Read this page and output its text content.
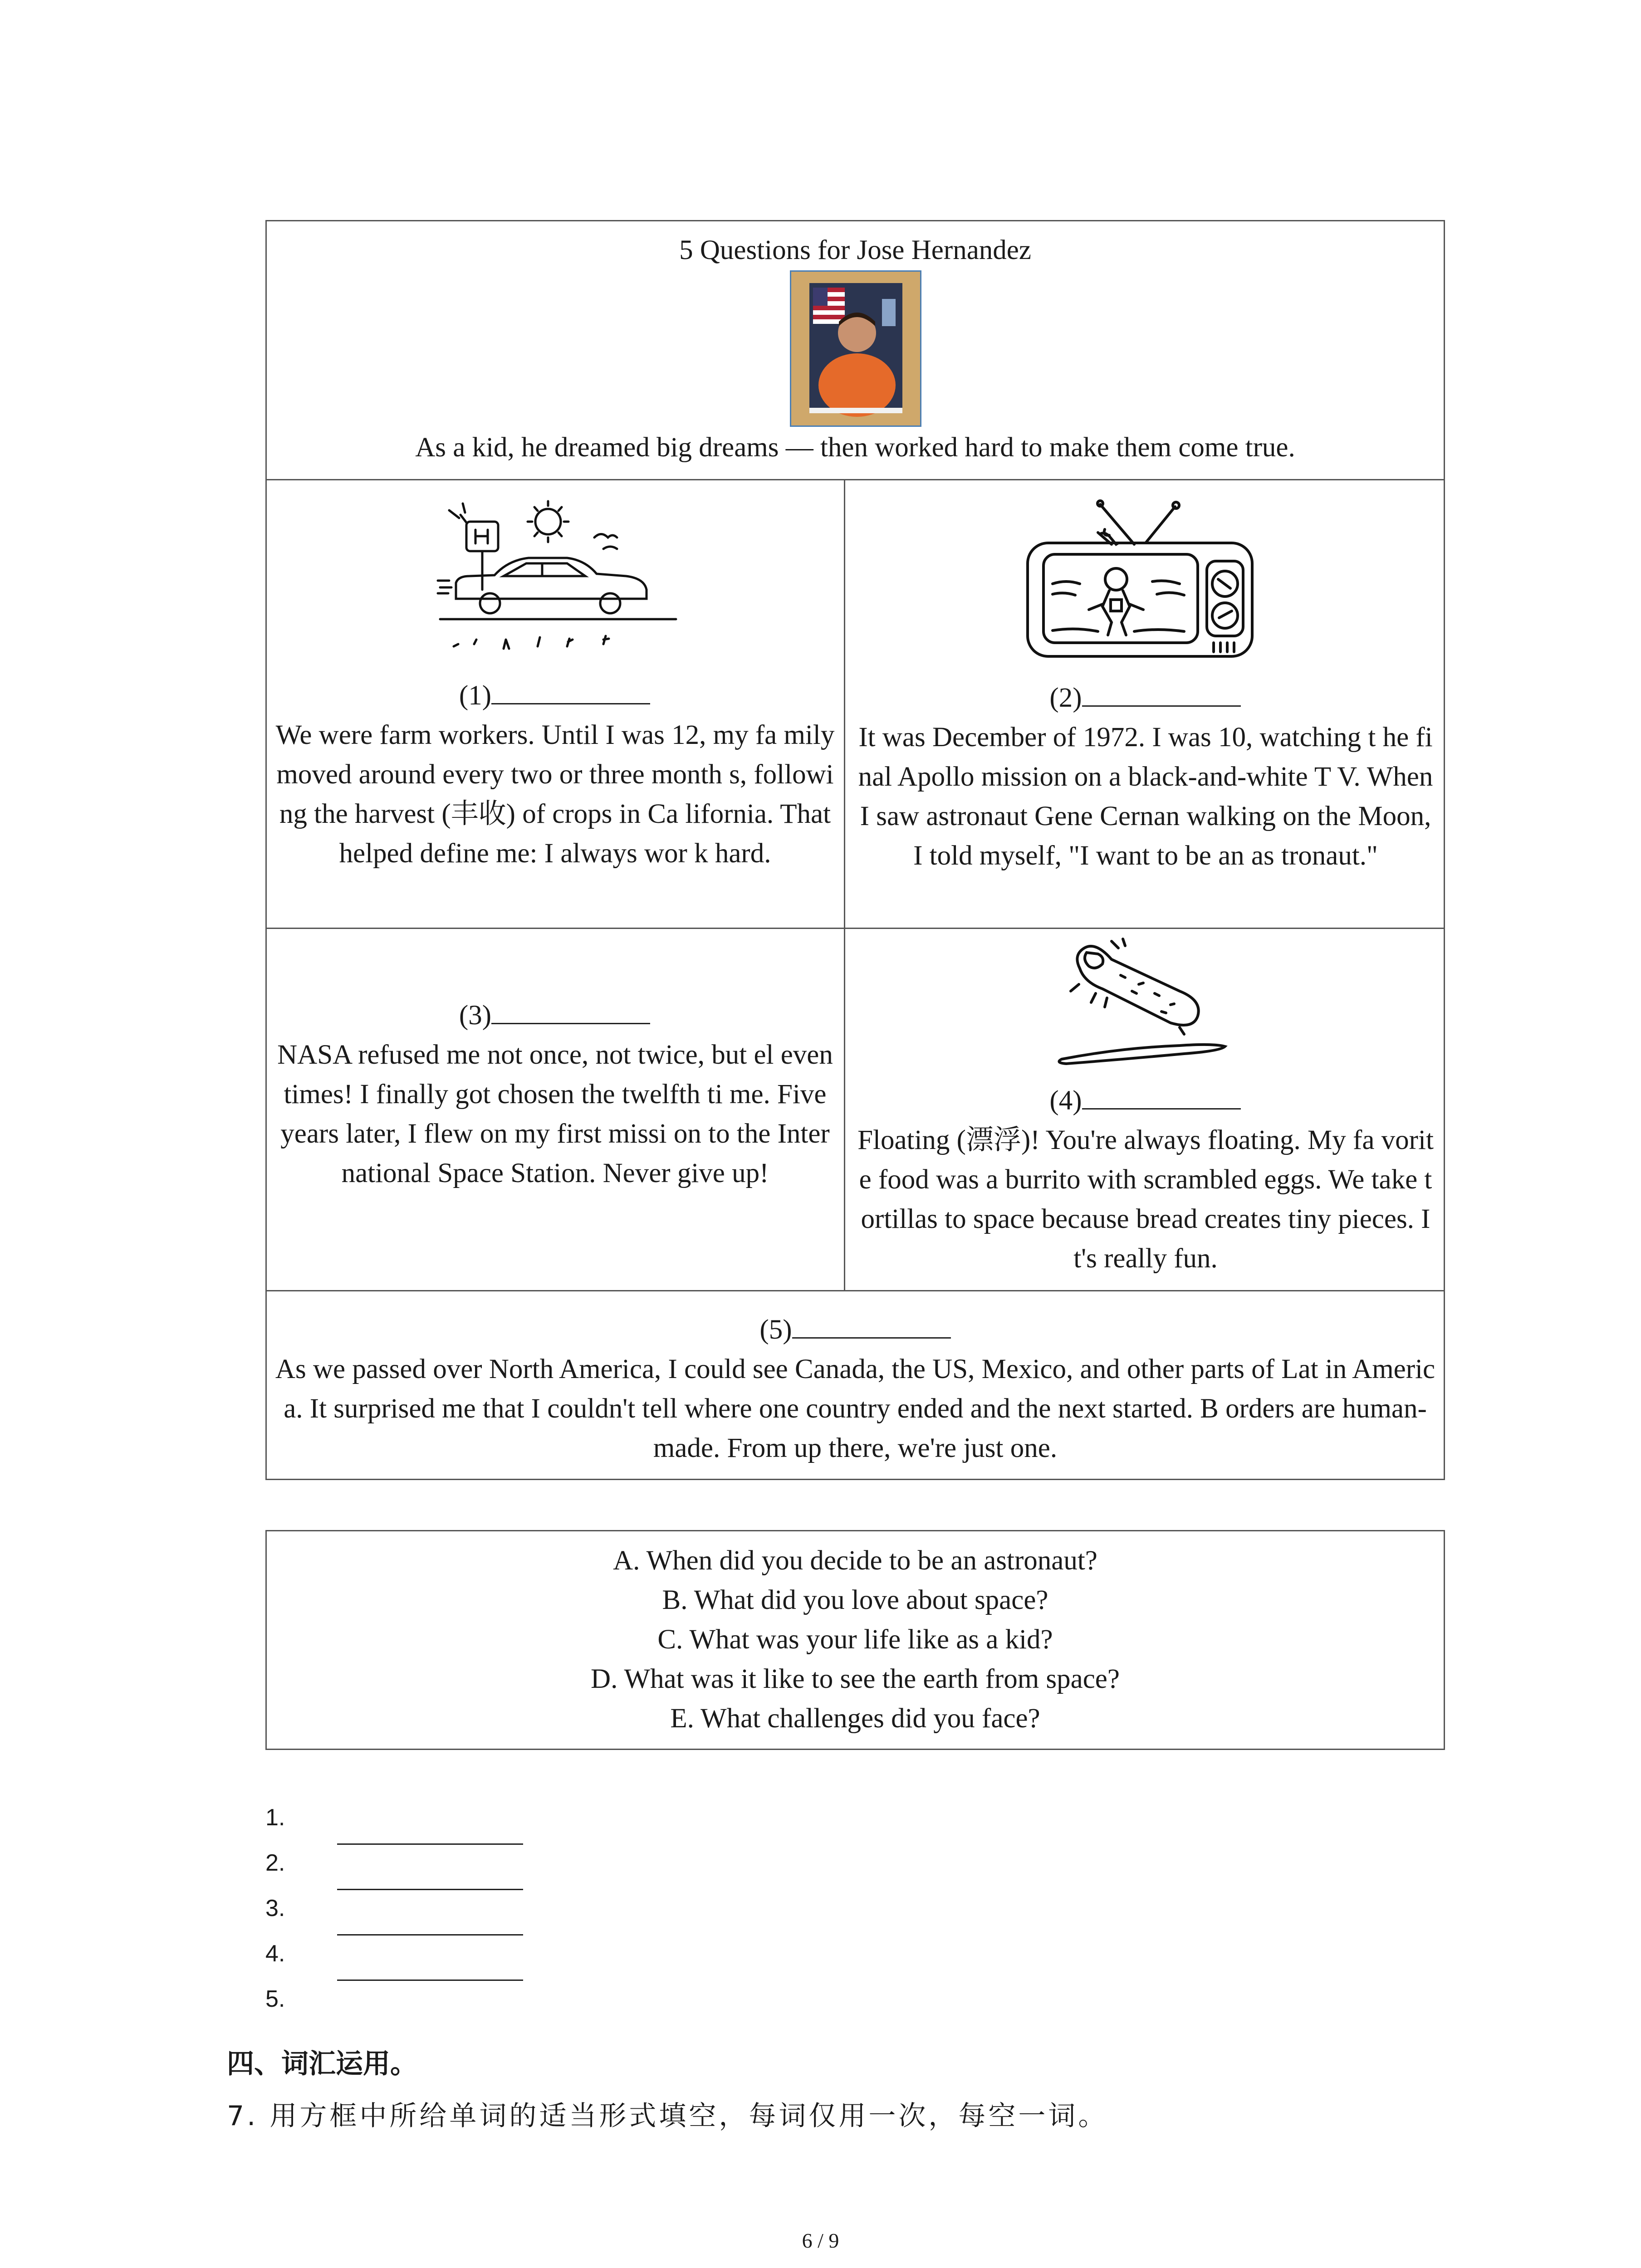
5 Questions for Jose Hernandez
As a kid, he dreamed big dreams — then worked hard to make them come true.
(1)
We were farm workers. Until I was 12, my fa mily moved around every two or three month s, following the harvest (丰收) of crops in Ca lifornia. That helped define me: I always wor k hard.
(2)
It was December of 1972. I was 10, watching t he final Apollo mission on a black-and-white T V. When I saw astronaut Gene Cernan walking on the Moon, I told myself, "I want to be an as tronaut."
(3)
NASA refused me not once, not twice, but el even times! I finally got chosen the twelfth ti me. Five years later, I flew on my first missi on to the International Space Station. Never give up!
(4)
Floating (漂浮)! You're always floating. My fa vorite food was a burrito with scrambled eggs. We take tortillas to space because bread creates tiny pieces. It's really fun.
(5)
As we passed over North America, I could see Canada, the US, Mexico, and other parts of Lat in America. It surprised me that I couldn't tell where one country ended and the next started. B orders are human-made. From up there, we're just one.
A. When did you decide to be an astronaut?
B. What did you love about space?
C. What was your life like as a kid?
D. What was it like to see the earth from space?
E. What challenges did you face?
1.
2.
3.
4.
5.
四、词汇运用。
7. 用方框中所给单词的适当形式填空，每词仅用一次，每空一词。
6 / 9
